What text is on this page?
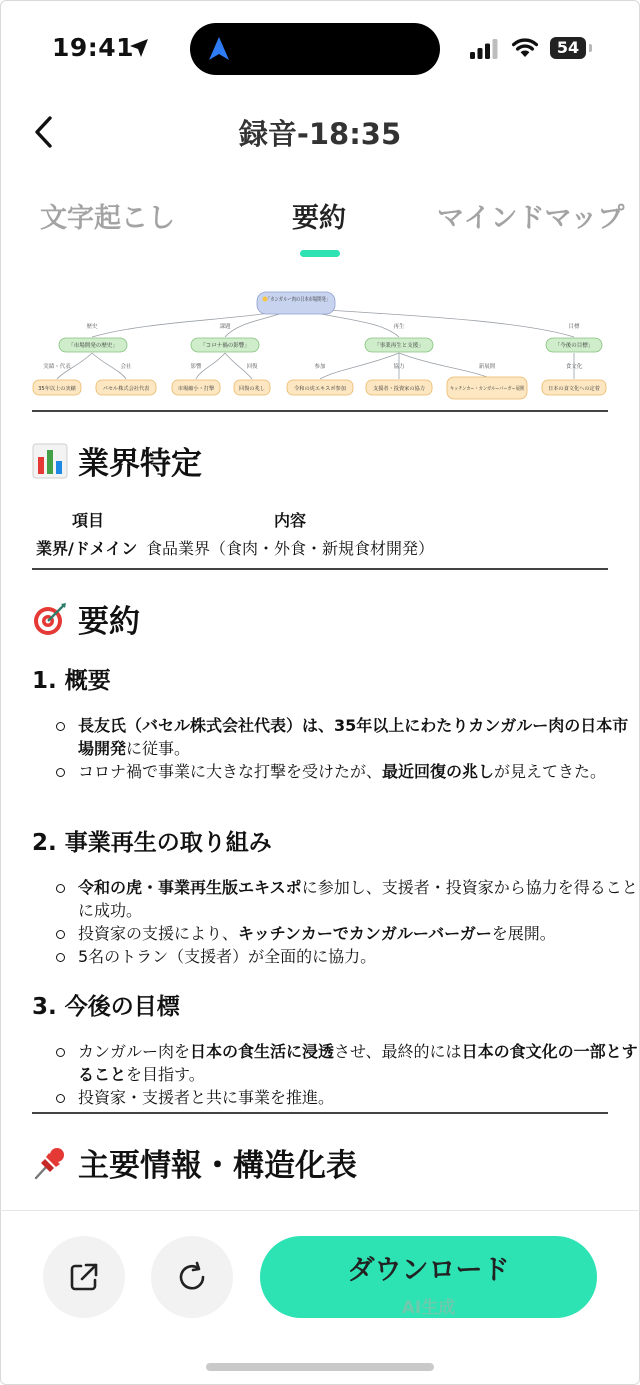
19:41	54
録音-18:35
文字起こし	要約	マインドマップ
歴史	課題	再生	目標
実績・代表	会社	影響	回復	参加	協力	新展開	食文化
「カンガルー肉の日本市場開発」
「市場開発の歴史」	「コロナ禍の影響」	「事業再生と支援」	「今後の目標」
35年以上の実績	パセル株式会社代表	市場縮小・打撃	回復の兆し	令和の虎エキスポ参加	支援者・投資家の協力	キッチンカー・カンガルーバーガー展開 日本の食文化への定着
業界特定
項目	内容
業界/ドメイン 食品業界（食肉・外食・新規食材開発）
要約
1. 概要
長友氏（バセル株式会社代表）は、35年以上にわたりカンガルー肉の日本市場開発に従事。
コロナ禍で事業に大きな打撃を受けたが、最近回復の兆しが見えてきた。
2. 事業再生の取り組み
令和の虎・事業再生版エキスポに参加し、支援者・投資家から協力を得ることに成功。
投資家の支援により、キッチンカーでカンガルーバーガーを展開。
5名のトラン（支援者）が全面的に協力。
3. 今後の目標
カンガルー肉を日本の食生活に浸透させ、最終的には日本の食文化の一部とすることを目指す。
投資家・支援者と共に事業を推進。
主要情報・構造化表
ダウンロード
AI生成
